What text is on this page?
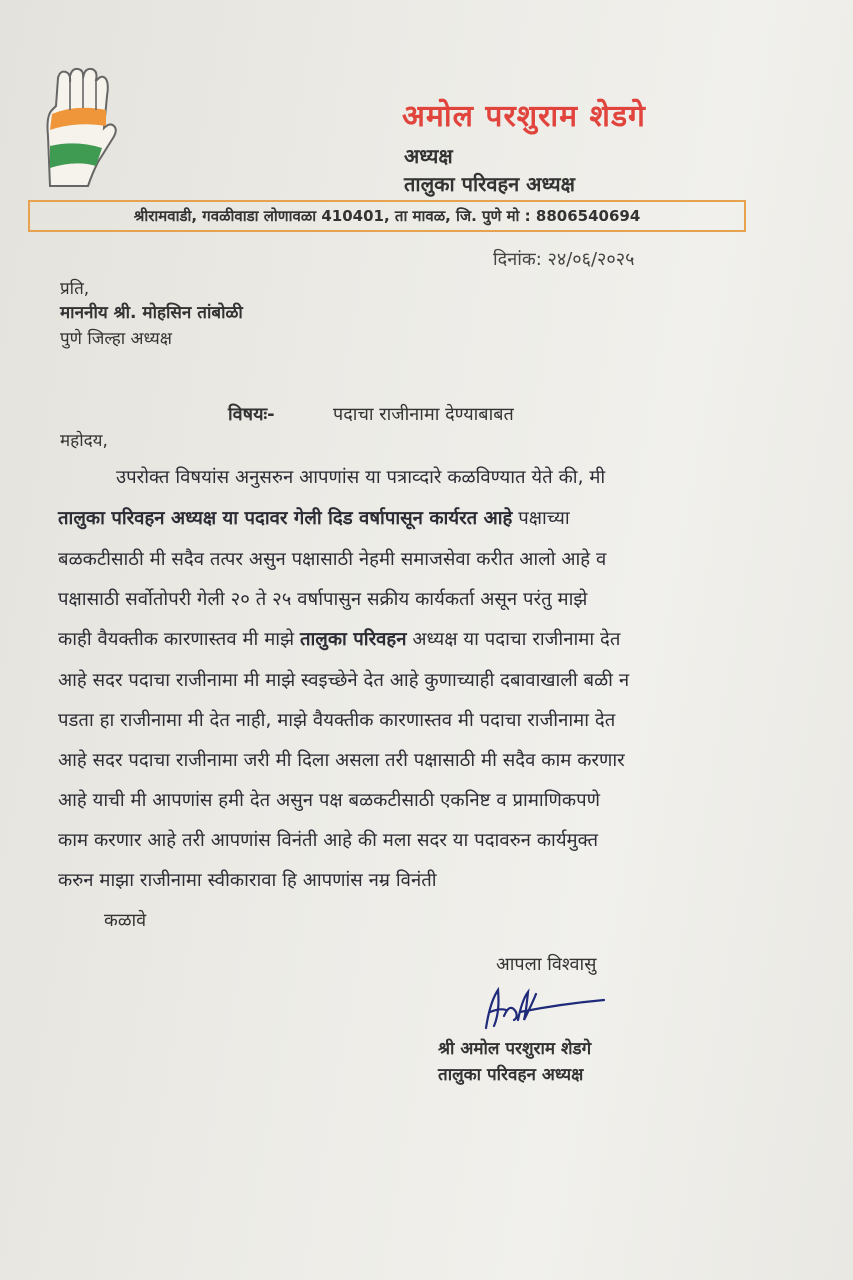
अमोल परशुराम शेडगे
अध्यक्ष
तालुका परिवहन अध्यक्ष
श्रीरामवाडी, गवळीवाडा लोणावळा 410401, ता मावळ, जि. पुणे मो : 8806540694
दिनांक: २४/०६/२०२५
प्रति,
माननीय श्री. मोहसिन तांबोळी
पुणे जिल्हा अध्यक्ष
विषयः-	पदाचा राजीनामा देण्याबाबत
महोदय,
उपरोक्त विषयांस अनुसरुन आपणांस या पत्राव्दारे कळविण्यात येते की, मी
तालुका परिवहन अध्यक्ष या पदावर गेली दिड वर्षापासून कार्यरत आहे पक्षाच्या
बळकटीसाठी मी सदैव तत्पर असुन पक्षासाठी नेहमी समाजसेवा करीत आलो आहे व
पक्षासाठी सर्वोतोपरी गेली २० ते २५ वर्षापासुन सक्रीय कार्यकर्ता असून परंतु माझे
काही वैयक्तीक कारणास्तव मी माझे तालुका परिवहन अध्यक्ष या पदाचा राजीनामा देत
आहे सदर पदाचा राजीनामा मी माझे स्वइच्छेने देत आहे कुणाच्याही दबावाखाली बळी न
पडता हा राजीनामा मी देत नाही, माझे वैयक्तीक कारणास्तव मी पदाचा राजीनामा देत
आहे सदर पदाचा राजीनामा जरी मी दिला असला तरी पक्षासाठी मी सदैव काम करणार
आहे याची मी आपणांस हमी देत असुन पक्ष बळकटीसाठी एकनिष्ट व प्रामाणिकपणे
काम करणार आहे तरी आपणांस विनंती आहे की मला सदर या पदावरुन कार्यमुक्त
करुन माझा राजीनामा स्वीकारावा हि आपणांस नम्र विनंती
कळावे
आपला विश्वासु
श्री अमोल परशुराम शेडगे
तालुका परिवहन अध्यक्ष
